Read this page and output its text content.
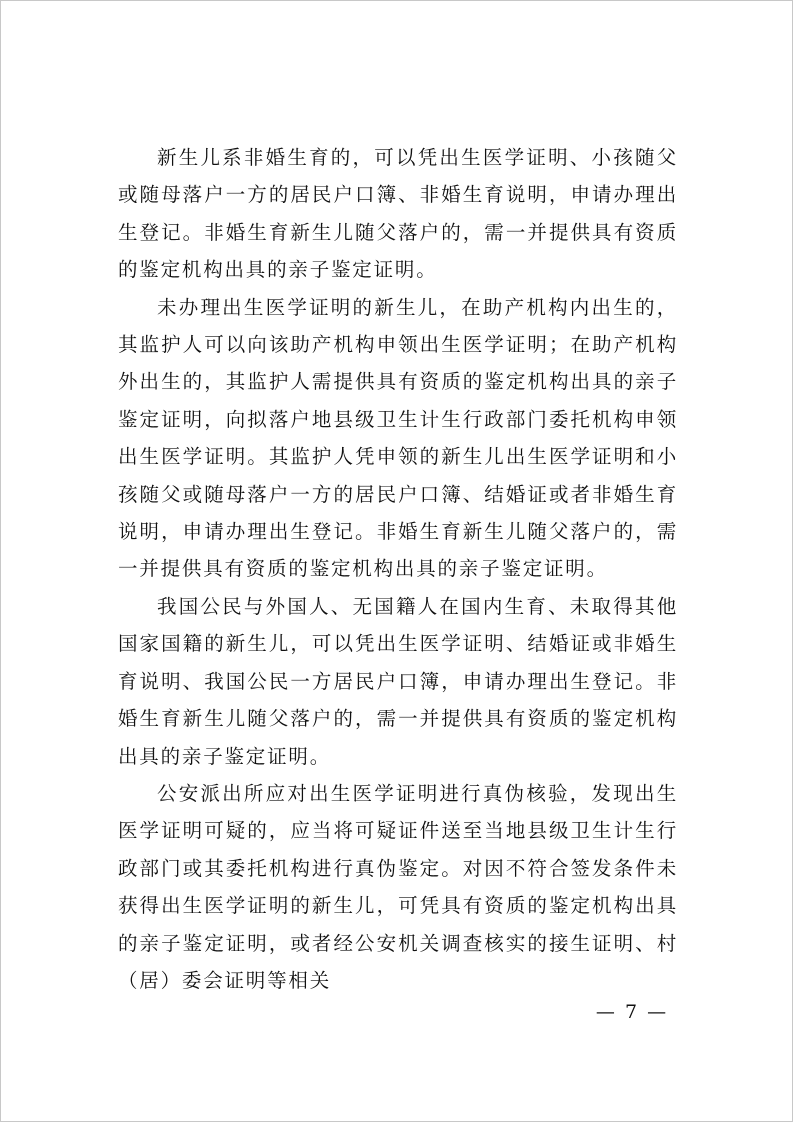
新生儿系非婚生育的，可以凭出生医学证明、小孩随父或随母落户一方的居民户口簿、非婚生育说明，申请办理出生登记。非婚生育新生儿随父落户的，需一并提供具有资质的鉴定机构出具的亲子鉴定证明。

未办理出生医学证明的新生儿，在助产机构内出生的，其监护人可以向该助产机构申领出生医学证明；在助产机构外出生的，其监护人需提供具有资质的鉴定机构出具的亲子鉴定证明，向拟落户地县级卫生计生行政部门委托机构申领出生医学证明。其监护人凭申领的新生儿出生医学证明和小孩随父或随母落户一方的居民户口簿、结婚证或者非婚生育说明，申请办理出生登记。非婚生育新生儿随父落户的，需一并提供具有资质的鉴定机构出具的亲子鉴定证明。

我国公民与外国人、无国籍人在国内生育、未取得其他国家国籍的新生儿，可以凭出生医学证明、结婚证或非婚生育说明、我国公民一方居民户口簿，申请办理出生登记。非婚生育新生儿随父落户的，需一并提供具有资质的鉴定机构出具的亲子鉴定证明。

公安派出所应对出生医学证明进行真伪核验，发现出生医学证明可疑的，应当将可疑证件送至当地县级卫生计生行政部门或其委托机构进行真伪鉴定。对因不符合签发条件未获得出生医学证明的新生儿，可凭具有资质的鉴定机构出具的亲子鉴定证明，或者经公安机关调查核实的接生证明、村（居）委会证明等相关

— 7 —
